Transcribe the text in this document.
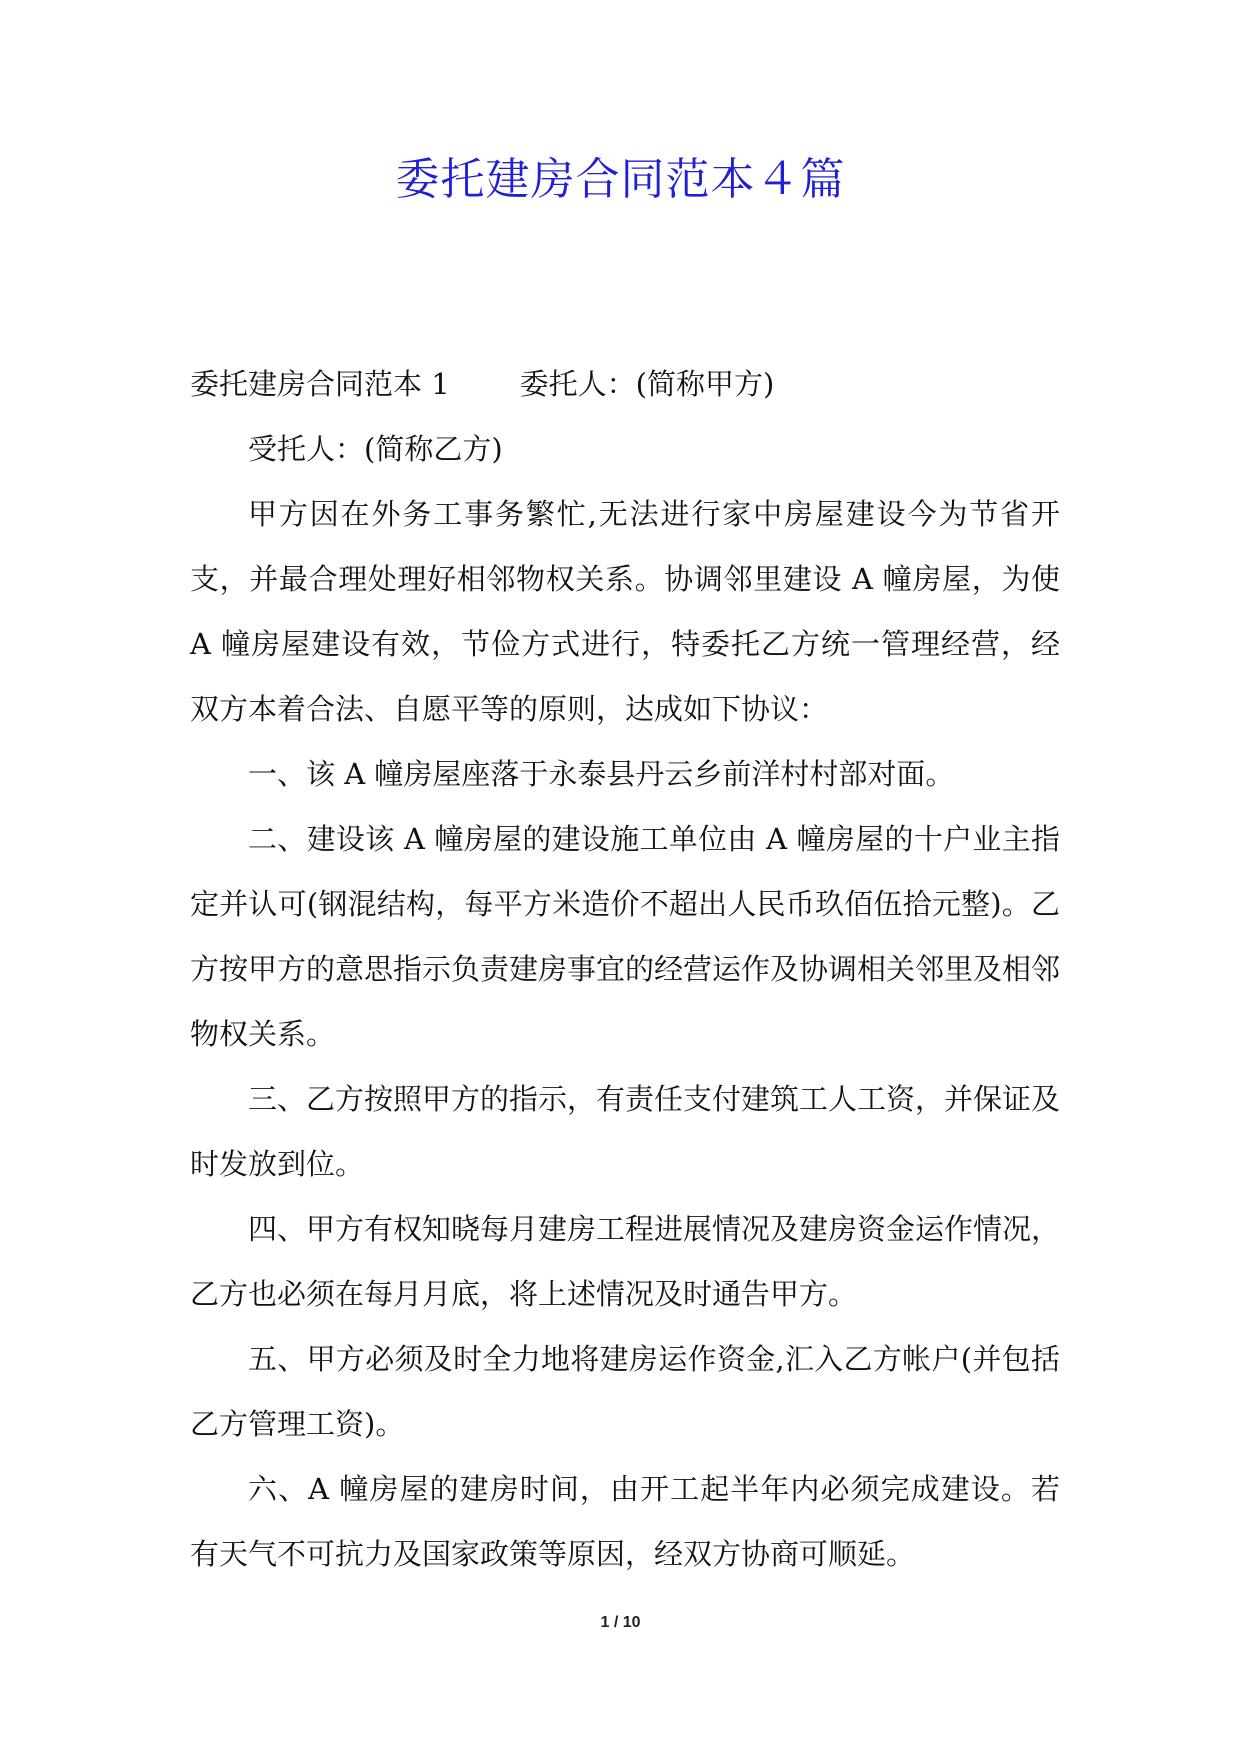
委托建房合同范本４篇

委托建房合同范本 1 委托人：(简称甲方)

受托人：(简称乙方)

甲方因在外务工事务繁忙,无法进行家中房屋建设今为节省开支，并最合理处理好相邻物权关系。协调邻里建设 A 幢房屋，为使 A 幢房屋建设有效，节俭方式进行，特委托乙方统一管理经营，经双方本着合法、自愿平等的原则，达成如下协议：

一、该 A 幢房屋座落于永泰县丹云乡前洋村村部对面。

二、建设该 A 幢房屋的建设施工单位由 A 幢房屋的十户业主指定并认可(钢混结构，每平方米造价不超出人民币玖佰伍拾元整)。乙方按甲方的意思指示负责建房事宜的经营运作及协调相关邻里及相邻物权关系。

三、乙方按照甲方的指示，有责任支付建筑工人工资，并保证及时发放到位。

四、甲方有权知晓每月建房工程进展情况及建房资金运作情况，乙方也必须在每月月底，将上述情况及时通告甲方。

五、甲方必须及时全力地将建房运作资金,汇入乙方帐户(并包括乙方管理工资)。

六、A 幢房屋的建房时间，由开工起半年内必须完成建设。若有天气不可抗力及国家政策等原因，经双方协商可顺延。

1 / 10
